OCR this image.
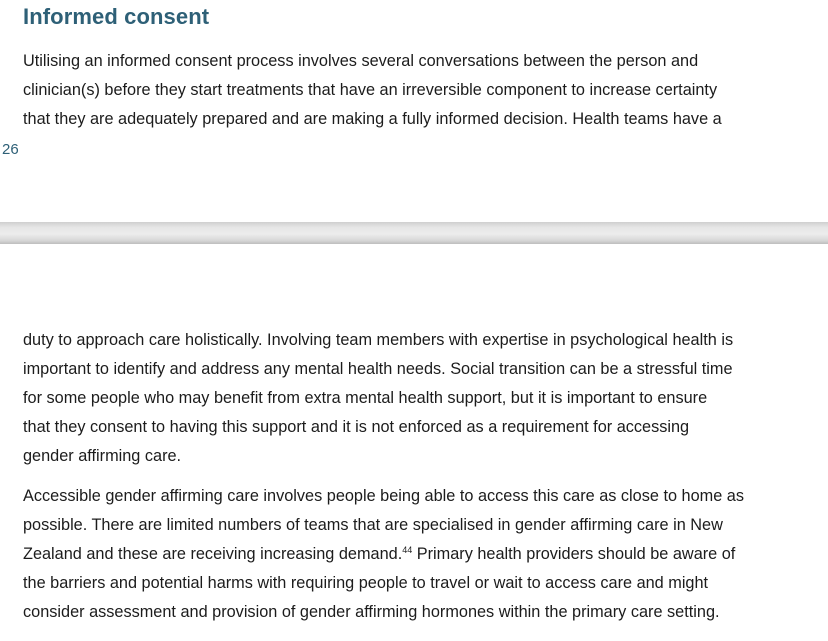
Informed consent

Utilising an informed consent process involves several conversations between the person and
clinician(s) before they start treatments that have an irreversible component to increase certainty
that they are adequately prepared and are making a fully informed decision. Health teams have a

26

duty to approach care holistically. Involving team members with expertise in psychological health is
important to identify and address any mental health needs. Social transition can be a stressful time
for some people who may benefit from extra mental health support, but it is important to ensure
that they consent to having this support and it is not enforced as a requirement for accessing
gender affirming care.

Accessible gender affirming care involves people being able to access this care as close to home as
possible. There are limited numbers of teams that are specialised in gender affirming care in New
Zealand and these are receiving increasing demand.$^{44}$ Primary health providers should be aware of
the barriers and potential harms with requiring people to travel or wait to access care and might
consider assessment and provision of gender affirming hormones within the primary care setting.
